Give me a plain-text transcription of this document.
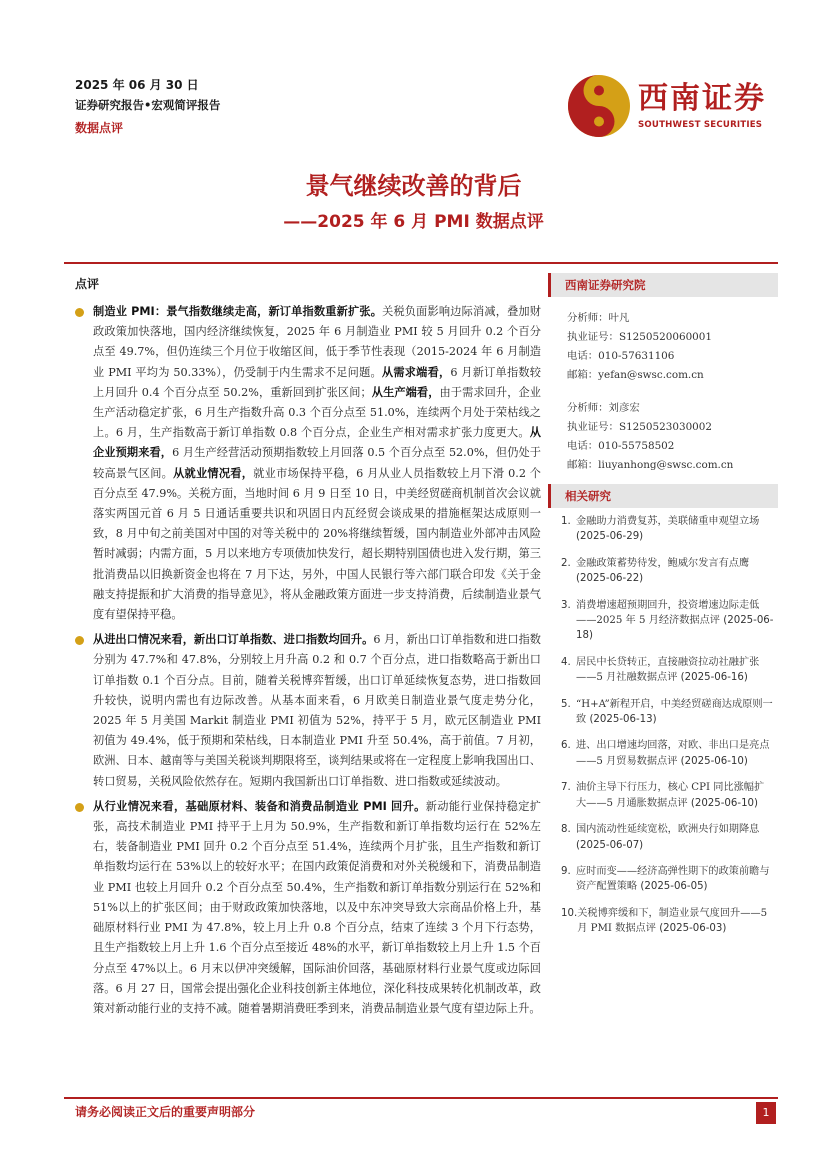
2025 年 06 月 30 日
证券研究报告•宏观简评报告
数据点评
西南证券
SOUTHWEST SECURITIES
景气继续改善的背后
——2025 年 6 月 PMI 数据点评
点评
制造业 PMI：景气指数继续走高，新订单指数重新扩张。关税负面影响边际消减，叠加财政政策加快落地，国内经济继续恢复，2025 年 6 月制造业 PMI 较 5 月回升 0.2 个百分点至 49.7%，但仍连续三个月位于收缩区间，低于季节性表现（2015-2024 年 6 月制造业 PMI 平均为 50.33%），仍受制于内生需求不足问题。从需求端看，6 月新订单指数较上月回升 0.4 个百分点至 50.2%，重新回到扩张区间；从生产端看，由于需求回升，企业生产活动稳定扩张，6 月生产指数升高 0.3 个百分点至 51.0%，连续两个月处于荣枯线之上。6 月，生产指数高于新订单指数 0.8 个百分点，企业生产相对需求扩张力度更大。从企业预期来看，6 月生产经营活动预期指数较上月回落 0.5 个百分点至 52.0%，但仍处于较高景气区间。从就业情况看，就业市场保持平稳，6 月从业人员指数较上月下滑 0.2 个百分点至 47.9%。关税方面，当地时间 6 月 9 日至 10 日，中美经贸磋商机制首次会议就落实两国元首 6 月 5 日通话重要共识和巩固日内瓦经贸会谈成果的措施框架达成原则一致，8 月中旬之前美国对中国的对等关税中的 20%将继续暂缓，国内制造业外部冲击风险暂时减弱；内需方面，5 月以来地方专项债加快发行，超长期特别国债也进入发行期，第三批消费品以旧换新资金也将在 7 月下达，另外，中国人民银行等六部门联合印发《关于金融支持提振和扩大消费的指导意见》，将从金融政策方面进一步支持消费，后续制造业景气度有望保持平稳。
从进出口情况来看，新出口订单指数、进口指数均回升。6 月，新出口订单指数和进口指数分别为 47.7%和 47.8%，分别较上月升高 0.2 和 0.7 个百分点，进口指数略高于新出口订单指数 0.1 个百分点。目前，随着关税博弈暂缓，出口订单延续恢复态势，进口指数回升较快，说明内需也有边际改善。从基本面来看，6 月欧美日制造业景气度走势分化，2025 年 5 月美国 Markit 制造业 PMI 初值为 52%，持平于 5 月，欧元区制造业 PMI 初值为 49.4%，低于预期和荣枯线，日本制造业 PMI 升至 50.4%，高于前值。7 月初，欧洲、日本、越南等与美国关税谈判期限将至，谈判结果或将在一定程度上影响我国出口、转口贸易，关税风险依然存在。短期内我国新出口订单指数、进口指数或延续波动。
从行业情况来看，基础原材料、装备和消费品制造业 PMI 回升。新动能行业保持稳定扩张，高技术制造业 PMI 持平于上月为 50.9%，生产指数和新订单指数均运行在 52%左右，装备制造业 PMI 回升 0.2 个百分点至 51.4%，连续两个月扩张，且生产指数和新订单指数均运行在 53%以上的较好水平；在国内政策促消费和对外关税缓和下，消费品制造业 PMI 也较上月回升 0.2 个百分点至 50.4%，生产指数和新订单指数分别运行在 52%和 51%以上的扩张区间；由于财政政策加快落地，以及中东冲突导致大宗商品价格上升，基础原材料行业 PMI 为 47.8%，较上月上升 0.8 个百分点，结束了连续 3 个月下行态势，且生产指数较上月上升 1.6 个百分点至接近 48%的水平，新订单指数较上月上升 1.5 个百分点至 47%以上。6 月末以伊冲突缓解，国际油价回落，基础原材料行业景气度或边际回落。6 月 27 日，国常会提出强化企业科技创新主体地位，深化科技成果转化机制改革，政策对新动能行业的支持不减。随着暑期消费旺季到来，消费品制造业景气度有望边际上升。
西南证券研究院
分析师：叶凡
执业证号：S1250520060001
电话：010-57631106
邮箱：yefan@swsc.com.cn
分析师：刘彦宏
执业证号：S1250523030002
电话：010-55758502
邮箱：liuyanhong@swsc.com.cn
相关研究
1. 金融助力消费复苏，美联储重申观望立场 (2025-06-29)
2. 金融政策蓄势待发，鲍威尔发言有点鹰 (2025-06-22)
3. 消费增速超预期回升，投资增速边际走低——2025 年 5 月经济数据点评 (2025-06-18)
4. 居民中长贷转正，直接融资拉动社融扩张——5 月社融数据点评 (2025-06-16)
5. “H+A”新程开启，中美经贸磋商达成原则一致 (2025-06-13)
6. 进、出口增速均回落，对欧、非出口是亮点——5 月贸易数据点评 (2025-06-10)
7. 油价主导下行压力，核心 CPI 同比涨幅扩大——5 月通胀数据点评 (2025-06-10)
8. 国内流动性延续宽松，欧洲央行如期降息 (2025-06-07)
9. 应时而变——经济高弹性期下的政策前瞻与资产配置策略 (2025-06-05)
10. 关税博弈缓和下，制造业景气度回升——5 月 PMI 数据点评 (2025-06-03)
请务必阅读正文后的重要声明部分	1
